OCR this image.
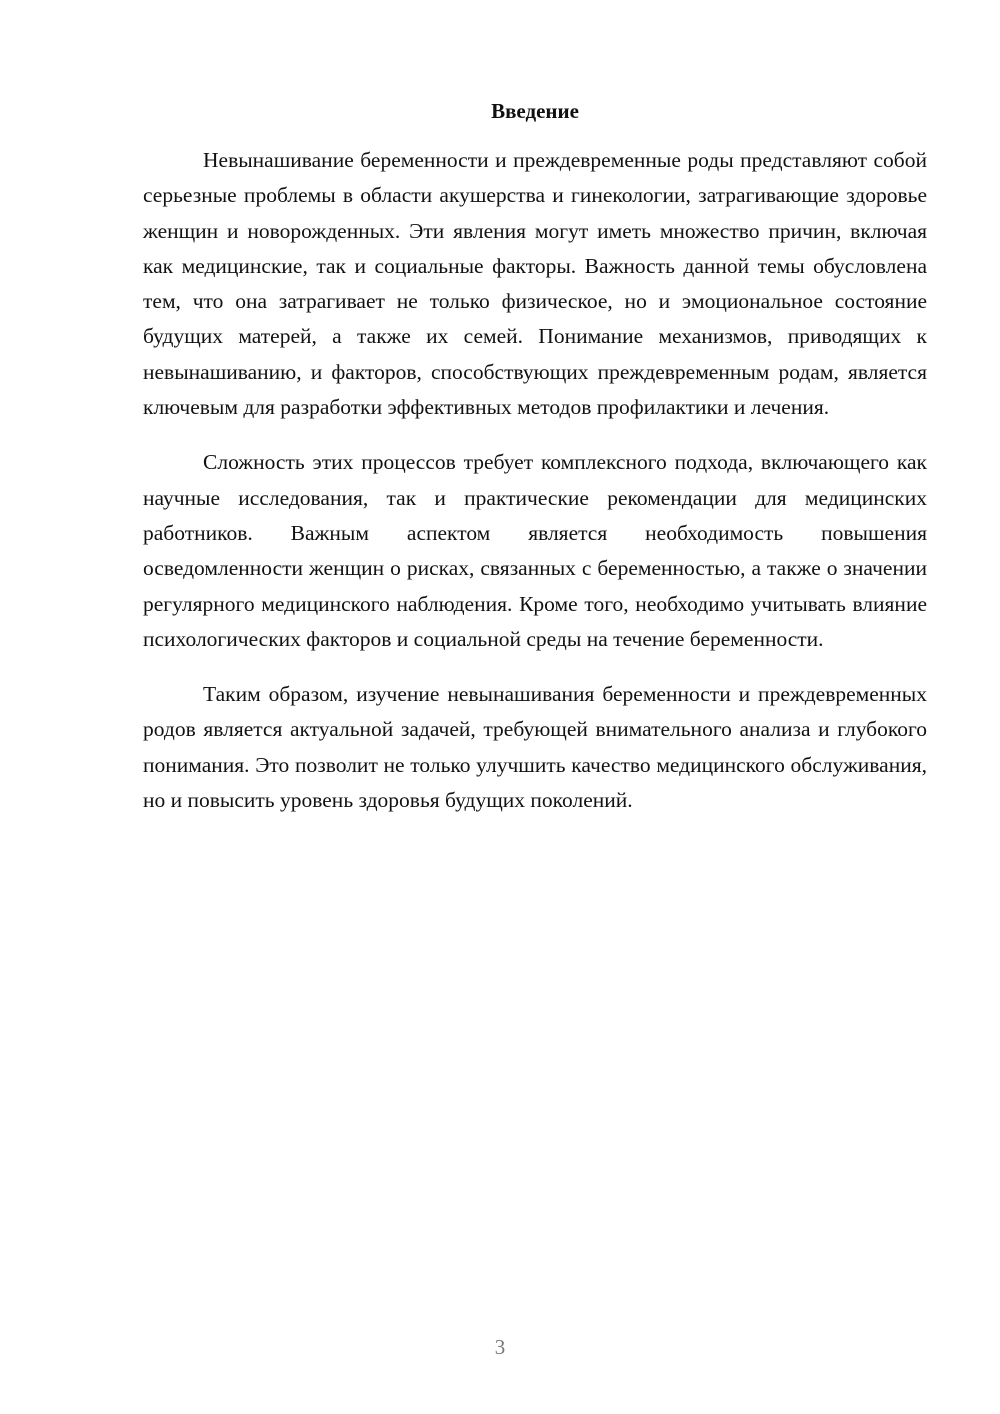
Введение

Невынашивание беременности и преждевременные роды представляют собой серьезные проблемы в области акушерства и гинекологии, затрагивающие здоровье женщин и новорожденных. Эти явления могут иметь множество причин, включая как медицинские, так и социальные факторы. Важность данной темы обусловлена тем, что она затрагивает не только физическое, но и эмоциональное состояние будущих матерей, а также их семей. Понимание механизмов, приводящих к невынашиванию, и факторов, способствующих преждевременным родам, является ключевым для разработки эффективных методов профилактики и лечения.

Сложность этих процессов требует комплексного подхода, включающего как научные исследования, так и практические рекомендации для медицинских работников. Важным аспектом является необходимость повышения осведомленности женщин о рисках, связанных с беременностью, а также о значении регулярного медицинского наблюдения. Кроме того, необходимо учитывать влияние психологических факторов и социальной среды на течение беременности.

Таким образом, изучение невынашивания беременности и преждевременных родов является актуальной задачей, требующей внимательного анализа и глубокого понимания. Это позволит не только улучшить качество медицинского обслуживания, но и повысить уровень здоровья будущих поколений.

3
